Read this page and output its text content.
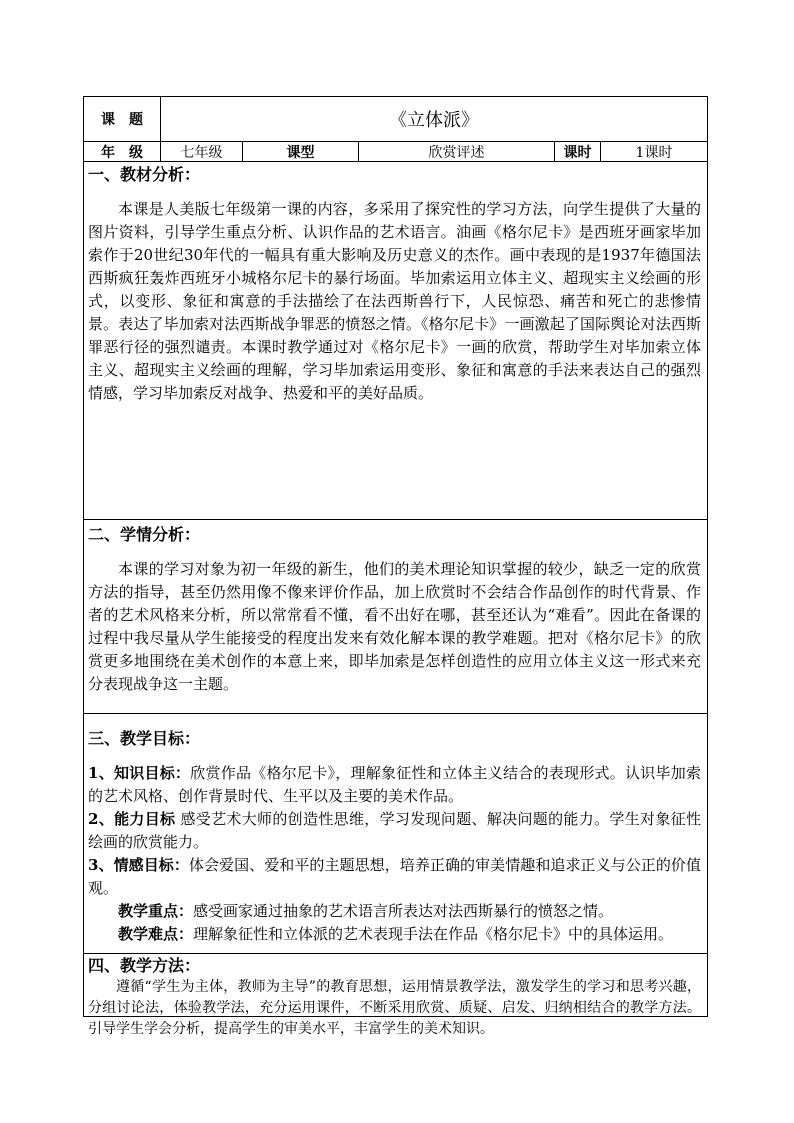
课　题	《立体派》
年　级	七年级	课型	欣赏评述	课时	1课时
一、教材分析：

本课是人美版七年级第一课的内容，多采用了探究性的学习方法，向学生提供了大量的图片资料，引导学生重点分析、认识作品的艺术语言。油画《格尔尼卡》是西班牙画家毕加索作于20世纪30年代的一幅具有重大影响及历史意义的杰作。画中表现的是1937年德国法西斯疯狂轰炸西班牙小城格尔尼卡的暴行场面。毕加索运用立体主义、超现实主义绘画的形式，以变形、象征和寓意的手法描绘了在法西斯兽行下，人民惊恐、痛苦和死亡的悲惨情景。表达了毕加索对法西斯战争罪恶的愤怒之情。《格尔尼卡》一画激起了国际舆论对法西斯罪恶行径的强烈谴责。本课时教学通过对《格尔尼卡》一画的欣赏，帮助学生对毕加索立体主义、超现实主义绘画的理解，学习毕加索运用变形、象征和寓意的手法来表达自己的强烈情感，学习毕加索反对战争、热爱和平的美好品质。

二、学情分析：

本课的学习对象为初一年级的新生，他们的美术理论知识掌握的较少，缺乏一定的欣赏方法的指导，甚至仍然用像不像来评价作品，加上欣赏时不会结合作品创作的时代背景、作者的艺术风格来分析，所以常常看不懂，看不出好在哪，甚至还认为“难看”。因此在备课的过程中我尽量从学生能接受的程度出发来有效化解本课的教学难题。把对《格尔尼卡》的欣赏更多地围绕在美术创作的本意上来，即毕加索是怎样创造性的应用立体主义这一形式来充分表现战争这一主题。

三、教学目标：

1、知识目标：欣赏作品《格尔尼卡》，理解象征性和立体主义结合的表现形式。认识毕加索的艺术风格、创作背景时代、生平以及主要的美术作品。

2、能力目标 感受艺术大师的创造性思维，学习发现问题、解决问题的能力。学生对象征性绘画的欣赏能力。

3、情感目标：体会爱国、爱和平的主题思想，培养正确的审美情趣和追求正义与公正的价值观。

教学重点：感受画家通过抽象的艺术语言所表达对法西斯暴行的愤怒之情。

教学难点：理解象征性和立体派的艺术表现手法在作品《格尔尼卡》中的具体运用。

四、教学方法：

遵循“学生为主体，教师为主导”的教育思想，运用情景教学法，激发学生的学习和思考兴趣，分组讨论法，体验教学法，充分运用课件，不断采用欣赏、质疑、启发、归纳相结合的教学方法。引导学生学会分析，提高学生的审美水平，丰富学生的美术知识。
